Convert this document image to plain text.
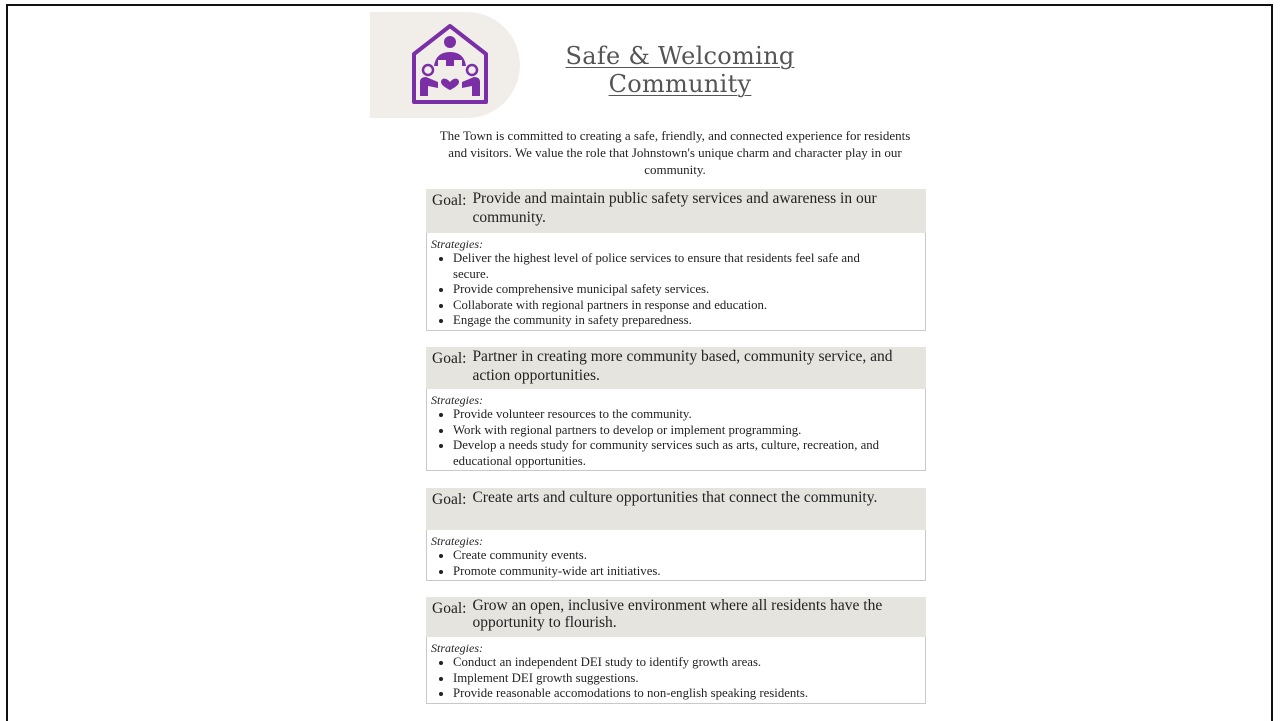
Safe & Welcoming
Community
The Town is committed to creating a safe, friendly, and connected experience for residents and visitors. We value the role that Johnstown's unique charm and character play in our community.
Goal: Provide and maintain public safety services and awareness in our community.
Strategies:
• Deliver the highest level of police services to ensure that residents feel safe and secure.
• Provide comprehensive municipal safety services.
• Collaborate with regional partners in response and education.
• Engage the community in safety preparedness.
Goal: Partner in creating more community based, community service, and action opportunities.
Strategies:
• Provide volunteer resources to the community.
• Work with regional partners to develop or implement programming.
• Develop a needs study for community services such as arts, culture, recreation, and educational opportunities.
Goal: Create arts and culture opportunities that connect the community.
Strategies:
• Create community events.
• Promote community-wide art initiatives.
Goal: Grow an open, inclusive environment where all residents have the opportunity to flourish.
Strategies:
• Conduct an independent DEI study to identify growth areas.
• Implement DEI growth suggestions.
• Provide reasonable accomodations to non-english speaking residents.
